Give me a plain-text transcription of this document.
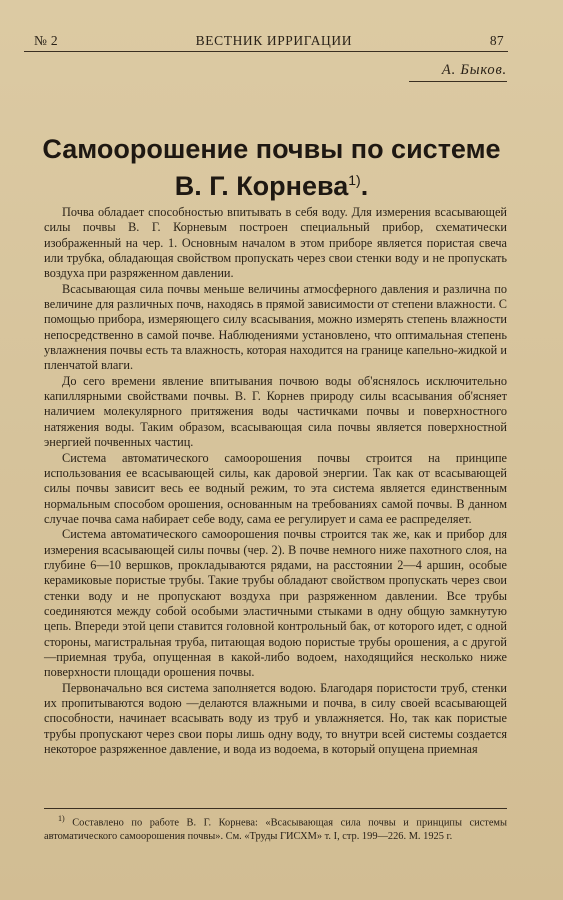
№ 2	ВЕСТНИК ИРРИГАЦИИ	87
А. Быков.
Самоорошение почвы по системе
В. Г. Корнева$^{1)}$.

Почва обладает способностью впитывать в себя воду. Для измерения всасывающей силы почвы В. Г. Корневым построен специальный прибор, схематически изображенный на чер. 1. Основным началом в этом приборе является пористая свеча или трубка, обладающая свойством пропускать через свои стенки воду и не пропускать воздуха при разряженном давлении.

Всасывающая сила почвы меньше величины атмосферного давления и различна по величине для различных почв, находясь в прямой зависимости от степени влажности. С помощью прибора, измеряющего силу всасывания, можно измерять степень влажности непосредственно в самой почве. Наблюдениями установлено, что оптимальная степень увлажнения почвы есть та влажность, которая находится на границе капельно-жидкой и пленчатой влаги.

До сего времени явление впитывания почвою воды об'яснялось исключительно капиллярными свойствами почвы. В. Г. Корнев природу силы всасывания об'ясняет наличием молекулярного притяжения воды частичками почвы и поверхностного натяжения воды. Таким образом, всасывающая сила почвы является поверхностной энергией почвенных частиц.

Система автоматического самоорошения почвы строится на принципе использования ее всасывающей силы, как даровой энергии. Так как от всасывающей силы почвы зависит весь ее водный режим, то эта система является единственным нормальным способом орошения, основанным на требованиях самой почвы. В данном случае почва сама набирает себе воду, сама ее регулирует и сама ее распределяет.

Система автоматического самоорошения почвы строится так же, как и прибор для измерения всасывающей силы почвы (чер. 2). В почве немного ниже пахотного слоя, на глубине 6—10 вершков, прокладываются рядами, на расстоянии 2—4 аршин, особые керамиковые пористые трубы. Такие трубы обладают свойством пропускать через свои стенки воду и не пропускают воздуха при разряженном давлении. Все трубы соединяются между собой особыми эластичными стыками в одну общую замкнутую цепь. Впереди этой цепи ставится головной контрольный бак, от которого идет, с одной стороны, магистральная труба, питающая водою пористые трубы орошения, а с другой—приемная труба, опущенная в какой-либо водоем, находящийся несколько ниже поверхности площади орошения почвы.

Первоначально вся система заполняется водою. Благодаря пористости труб, стенки их пропитываются водою —делаются влажными и почва, в силу своей всасывающей способности, начинает всасывать воду из труб и увлажняется. Но, так как пористые трубы пропускают через свои поры лишь одну воду, то внутри всей системы создается некоторое разряженное давление, и вода из водоема, в который опущена приемная

$^{1)}$ Составлено по работе В. Г. Корнева: «Всасывающая сила почвы и принципы системы автоматического самоорошения почвы». См. «Труды ГИСХМ» т. I, стр. 199—226. М. 1925 г.
